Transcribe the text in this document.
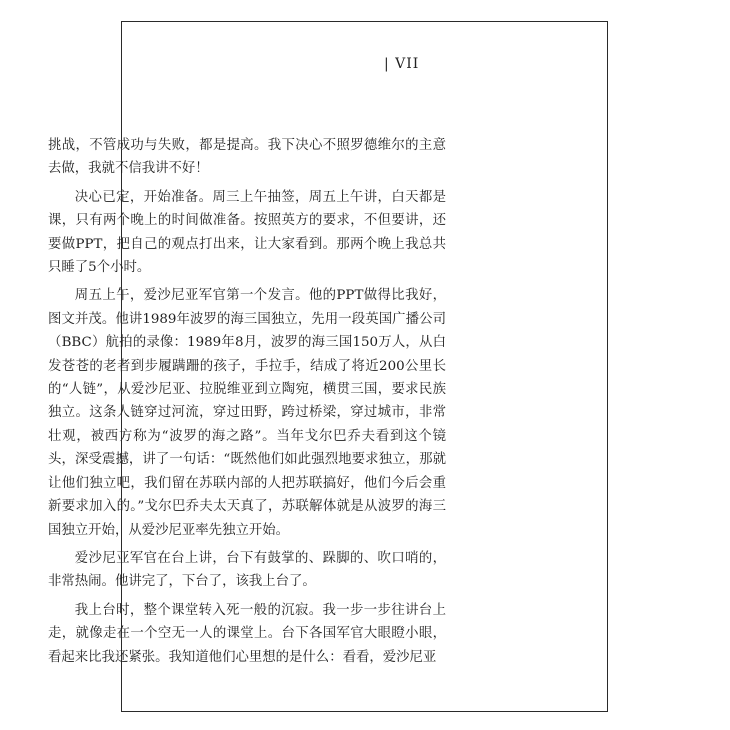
| VII

挑战，不管成功与失败，都是提高。我下决心不照罗德维尔的主意去做，我就不信我讲不好！

决心已定，开始准备。周三上午抽签，周五上午讲，白天都是课，只有两个晚上的时间做准备。按照英方的要求，不但要讲，还要做PPT，把自己的观点打出来，让大家看到。那两个晚上我总共只睡了5个小时。

周五上午，爱沙尼亚军官第一个发言。他的PPT做得比我好，图文并茂。他讲1989年波罗的海三国独立，先用一段英国广播公司（BBC）航拍的录像：1989年8月，波罗的海三国150万人，从白发苍苍的老者到步履蹒跚的孩子，手拉手，结成了将近200公里长的“人链”，从爱沙尼亚、拉脱维亚到立陶宛，横贯三国，要求民族独立。这条人链穿过河流，穿过田野，跨过桥梁，穿过城市，非常壮观，被西方称为“波罗的海之路”。当年戈尔巴乔夫看到这个镜头，深受震撼，讲了一句话：“既然他们如此强烈地要求独立，那就让他们独立吧，我们留在苏联内部的人把苏联搞好，他们今后会重新要求加入的。”戈尔巴乔夫太天真了，苏联解体就是从波罗的海三国独立开始，从爱沙尼亚率先独立开始。

爱沙尼亚军官在台上讲，台下有鼓掌的、跺脚的、吹口哨的，非常热闹。他讲完了，下台了，该我上台了。

我上台时，整个课堂转入死一般的沉寂。我一步一步往讲台上走，就像走在一个空无一人的课堂上。台下各国军官大眼瞪小眼，看起来比我还紧张。我知道他们心里想的是什么：看看，爱沙尼亚
